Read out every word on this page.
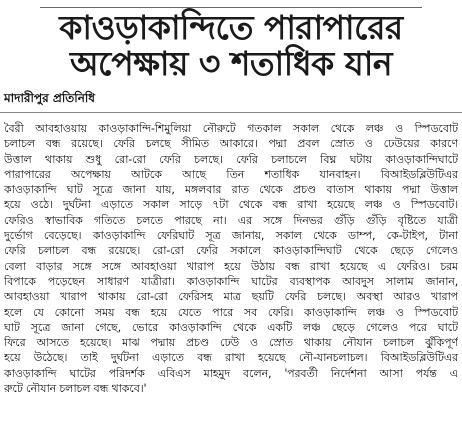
কাওড়াকান্দিতে পারাপারের
অপেক্ষায় ৩ শতাধিক যান
মাদারীপুর প্রতিনিধি
বৈরী আবহাওয়ায় কাওড়াকান্দি-শিমুলিয়া নৌরুটে গতকাল সকাল থেকে লঞ্চ ও স্পিডবোট
চলাচল বন্ধ রয়েছে। ফেরি চলছে সীমিত আকারে। পদ্মা প্রবল স্রোত ও ঢেউয়ের কারণে
উত্তাল থাকায় শুধু রো-রো ফেরি চলছে। ফেরি চলাচলে বিঘ্ন ঘটায় কাওড়াকান্দিঘাটে
পারাপারের অপেক্ষায় আটকে আছে তিন শতাধিক যানবাহন। বিআইডব্লিউটিএর
কাওড়াকান্দি ঘাট সূত্রে জানা যায়, মঙ্গলবার রাত থেকে প্রচণ্ড বাতাস থাকায় পদ্মা উত্তাল
হয়ে ওঠে। দুর্ঘটনা এড়াতে সকাল সাড়ে ৭টা থেকে বন্ধ রাখা হয়েছে লঞ্চ ও স্পিডবোট।
ফেরিও স্বাভাবিক গতিতে চলতে পারছে না। এর সঙ্গে দিনভর গুঁড়ি গুঁড়ি বৃষ্টিতে যাত্রী
দুর্ভোগ বেড়েছে। কাওড়াকান্দি ফেরিঘাট সূত্র জানায়, সকাল থেকে ডাম্প, কে-টাইপ, টানা
ফেরি চলাচল বন্ধ রয়েছে। রো-রো ফেরি সকালে কাওড়াকান্দিঘাট থেকে ছেড়ে গেলেও
বেলা বাড়ার সঙ্গে সঙ্গে আবহাওয়া খারাপ হয়ে উঠায় বন্ধ রাখা হয়েছে এ ফেরিও। চরম
বিপাকে পড়েছেন সাধারণ যাত্রীরা। কাওড়াকান্দি ঘাটের ব্যবস্থাপক আবদুস সালাম জানান,
আবহাওয়া খারাপ থাকায় রো-রো ফেরিসহ মাত্র ছয়টি ফেরি চলছে। অবস্থা আরও খারাপ
হলে যে কোনো সময় বন্ধ হয়ে যেতে পারে সব ফেরি। কাওড়াকান্দি লঞ্চ ও স্পিডবোট
ঘাট সূত্রে জানা গেছে, ভোরে কাওড়াকান্দি থেকে একটি লঞ্চ ছেড়ে গেলেও পরে ঘাটে
ফিরে আসতে হয়েছে। মাঝ পদ্মায় প্রচণ্ড ঢেউ ও স্রোত থাকায় নৌযান চলাচল ঝুঁকিপূর্ণ
হয়ে উঠেছে। তাই দুর্ঘটনা এড়াতে বন্ধ রাখা হয়েছে নৌ-যানচলাচল। বিআইডব্লিউটিএর
কাওড়াকান্দি ঘাটের পরিদর্শক এবিএস মাহমুদ বলেন, 'পরবর্তী নির্দেশনা আসা পর্যন্ত এ
রুটে নৌযান চলাচল বন্ধ থাকবে।'
